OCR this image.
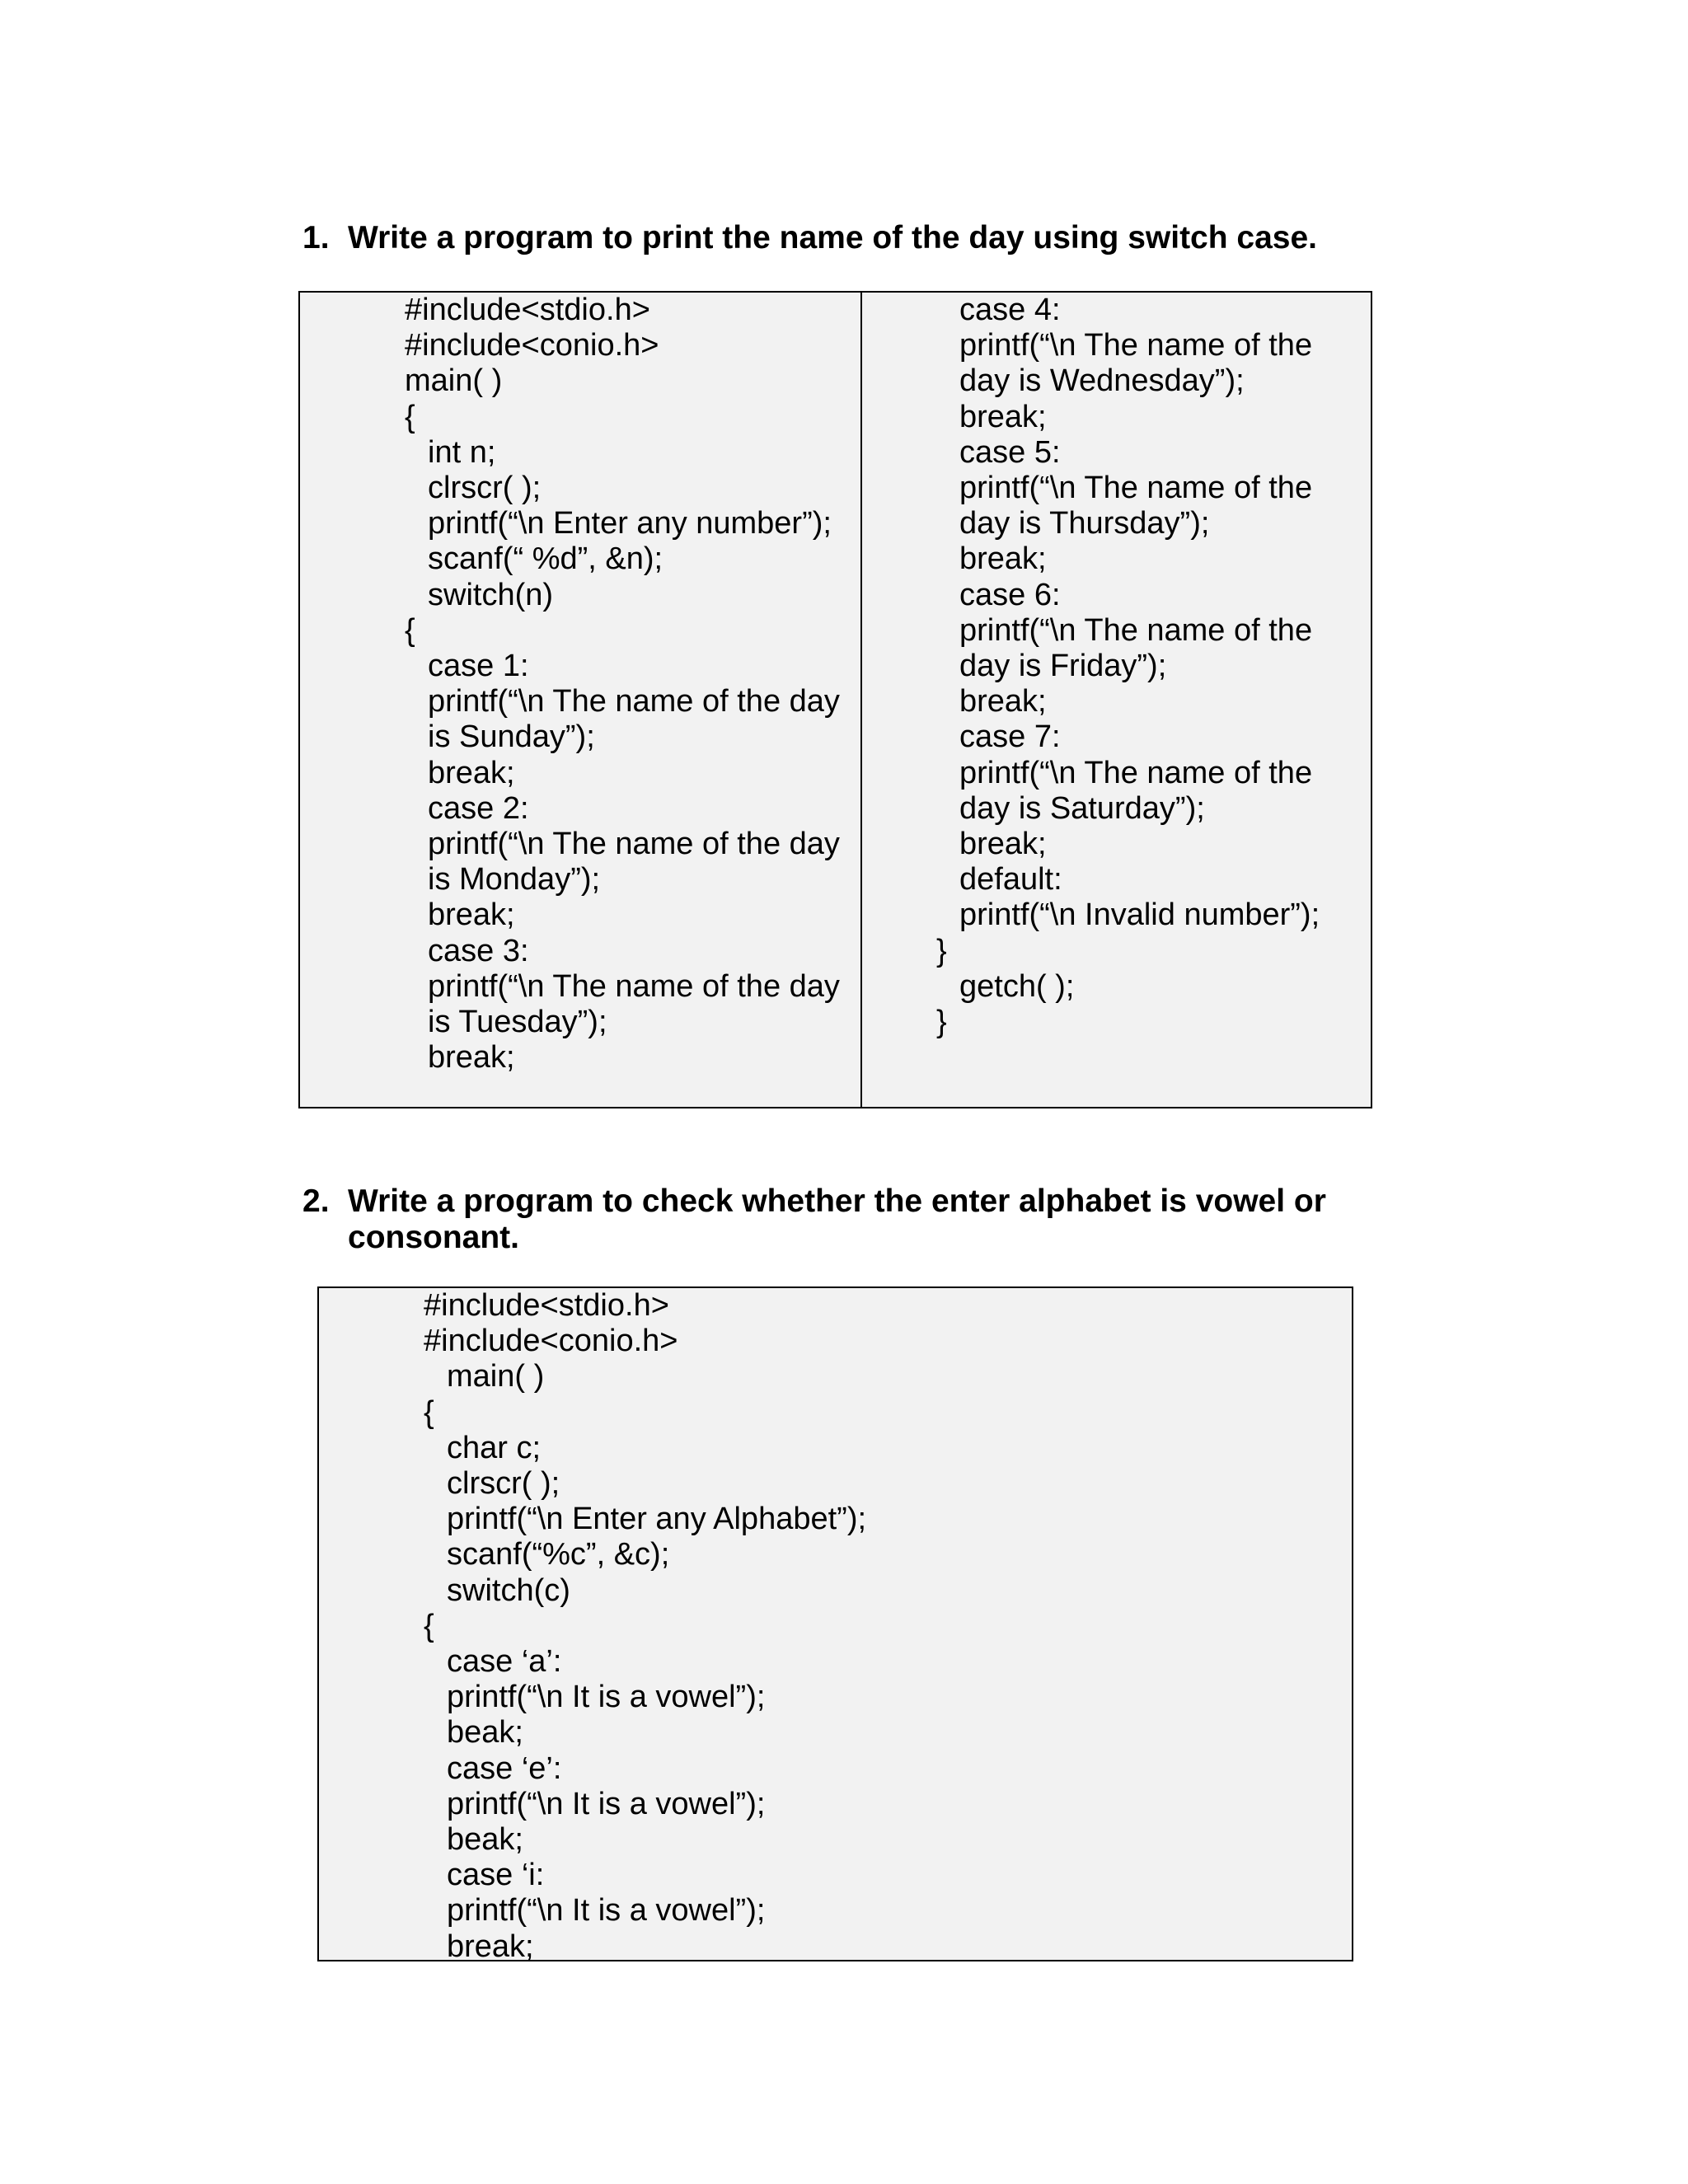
1. Write a program to print the name of the day using switch case.
#include<stdio.h>
#include<conio.h>
main( )
{
int n;
clrscr( );
printf(“\n Enter any number”);
scanf(“ %d”, &n);
switch(n)
{
case 1:
printf(“\n The name of the day
is Sunday”);
break;
case 2:
printf(“\n The name of the day
is Monday”);
break;
case 3:
printf(“\n The name of the day
is Tuesday”);
break;
case 4:
printf(“\n The name of the
day is Wednesday”);
break;
case 5:
printf(“\n The name of the
day is Thursday”);
break;
case 6:
printf(“\n The name of the
day is Friday”);
break;
case 7:
printf(“\n The name of the
day is Saturday”);
break;
default:
printf(“\n Invalid number”);
}
getch( );
}
2. Write a program to check whether the enter alphabet is vowel or
consonant.
#include<stdio.h>
#include<conio.h>
main( )
{
char c;
clrscr( );
printf(“\n Enter any Alphabet”);
scanf(“%c”, &c);
switch(c)
{
case ‘a’:
printf(“\n It is a vowel”);
beak;
case ‘e’:
printf(“\n It is a vowel”);
beak;
case ‘i:
printf(“\n It is a vowel”);
break;
